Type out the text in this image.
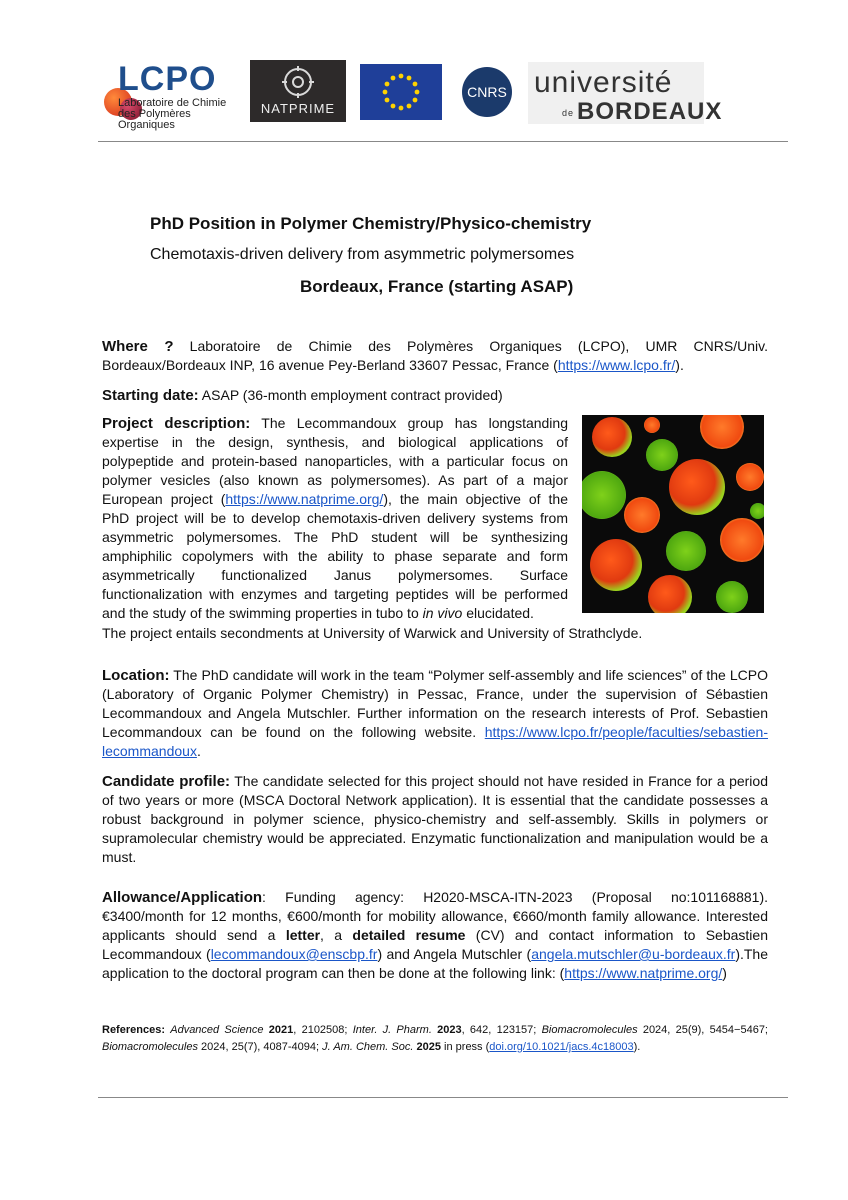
LCPO
Laboratoire de Chimie
des Polymères Organiques
NATPRIME
CNRS université
de BORDEAUX
PhD Position in Polymer Chemistry/Physico-chemistry
Chemotaxis-driven delivery from asymmetric polymersomes
Bordeaux, France (starting ASAP)
Where ? Laboratoire de Chimie des Polymères Organiques (LCPO), UMR CNRS/Univ. Bordeaux/Bordeaux INP, 16 avenue Pey-Berland 33607 Pessac, France (https://www.lcpo.fr/).
Starting date: ASAP (36-month employment contract provided)
Project description: The Lecommandoux group has longstanding expertise in the design, synthesis, and biological applications of polypeptide and protein-based nanoparticles, with a particular focus on polymer vesicles (also known as polymersomes). As part of a major European project (https://www.natprime.org/), the main objective of the PhD project will be to develop chemotaxis-driven delivery systems from asymmetric polymersomes. The PhD student will be synthesizing amphiphilic copolymers with the ability to phase separate and form asymmetrically functionalized Janus polymersomes. Surface functionalization with enzymes and targeting peptides will be performed and the study of the swimming properties in tubo to in vivo elucidated.
The project entails secondments at University of Warwick and University of Strathclyde.
Location: The PhD candidate will work in the team “Polymer self-assembly and life sciences” of the LCPO (Laboratory of Organic Polymer Chemistry) in Pessac, France, under the supervision of Sébastien Lecommandoux and Angela Mutschler. Further information on the research interests of Prof. Sebastien Lecommandoux can be found on the following website. https://www.lcpo.fr/people/faculties/sebastien-lecommandoux.
Candidate profile: The candidate selected for this project should not have resided in France for a period of two years or more (MSCA Doctoral Network application). It is essential that the candidate possesses a robust background in polymer science, physico-chemistry and self-assembly. Skills in polymers or supramolecular chemistry would be appreciated. Enzymatic functionalization and manipulation would be a must.
Allowance/Application: Funding agency: H2020-MSCA-ITN-2023 (Proposal no:101168881). €3400/month for 12 months, €600/month for mobility allowance, €660/month family allowance. Interested applicants should send a letter, a detailed resume (CV) and contact information to Sebastien Lecommandoux (lecommandoux@enscbp.fr) and Angela Mutschler (angela.mutschler@u-bordeaux.fr).The application to the doctoral program can then be done at the following link: (https://www.natprime.org/)
References: Advanced Science 2021, 2102508; Inter. J. Pharm. 2023, 642, 123157; Biomacromolecules 2024, 25(9), 5454−5467; Biomacromolecules 2024, 25(7), 4087-4094; J. Am. Chem. Soc. 2025 in press (doi.org/10.1021/jacs.4c18003).
